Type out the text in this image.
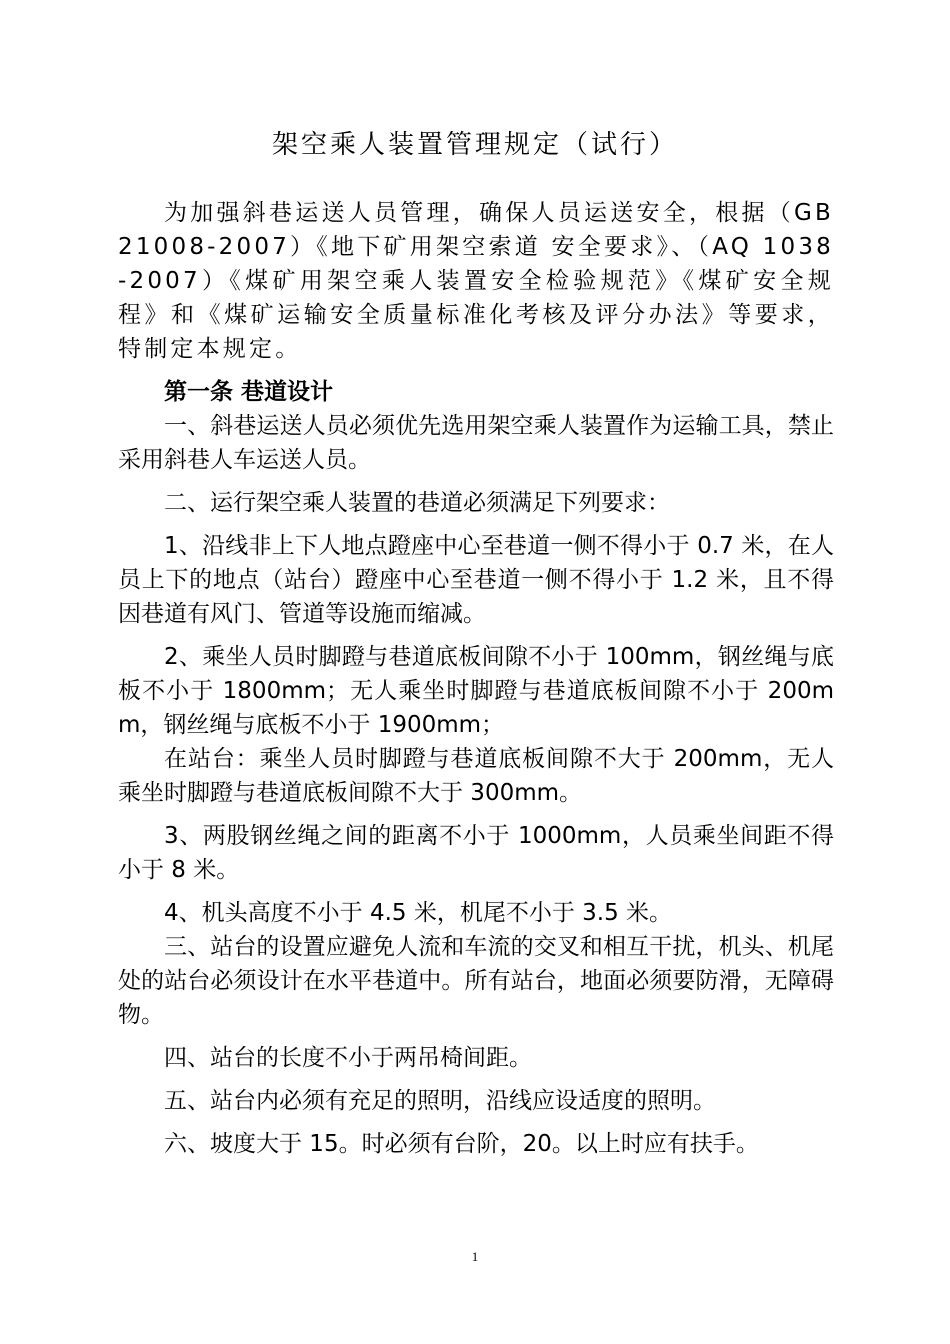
架空乘人装置管理规定（试行）

为加强斜巷运送人员管理，确保人员运送安全，根据（GB21008-2007）《地下矿用架空索道 安全要求》、（AQ 1038-2007）《煤矿用架空乘人装置安全检验规范》《煤矿安全规程》和《煤矿运输安全质量标准化考核及评分办法》等要求，特制定本规定。

第一条 巷道设计

一、斜巷运送人员必须优先选用架空乘人装置作为运输工具，禁止采用斜巷人车运送人员。

二、运行架空乘人装置的巷道必须满足下列要求：

1、沿线非上下人地点蹬座中心至巷道一侧不得小于 0.7 米，在人员上下的地点（站台）蹬座中心至巷道一侧不得小于 1.2 米，且不得因巷道有风门、管道等设施而缩减。

2、乘坐人员时脚蹬与巷道底板间隙不小于 100mm，钢丝绳与底板不小于 1800mm；无人乘坐时脚蹬与巷道底板间隙不小于 200mm，钢丝绳与底板不小于 1900mm；

在站台：乘坐人员时脚蹬与巷道底板间隙不大于 200mm，无人乘坐时脚蹬与巷道底板间隙不大于 300mm。

3、两股钢丝绳之间的距离不小于 1000mm，人员乘坐间距不得小于 8 米。

4、机头高度不小于 4.5 米，机尾不小于 3.5 米。

三、站台的设置应避免人流和车流的交叉和相互干扰，机头、机尾处的站台必须设计在水平巷道中。所有站台，地面必须要防滑，无障碍物。

四、站台的长度不小于两吊椅间距。

五、站台内必须有充足的照明，沿线应设适度的照明。

六、坡度大于 15。时必须有台阶，20。以上时应有扶手。

1
